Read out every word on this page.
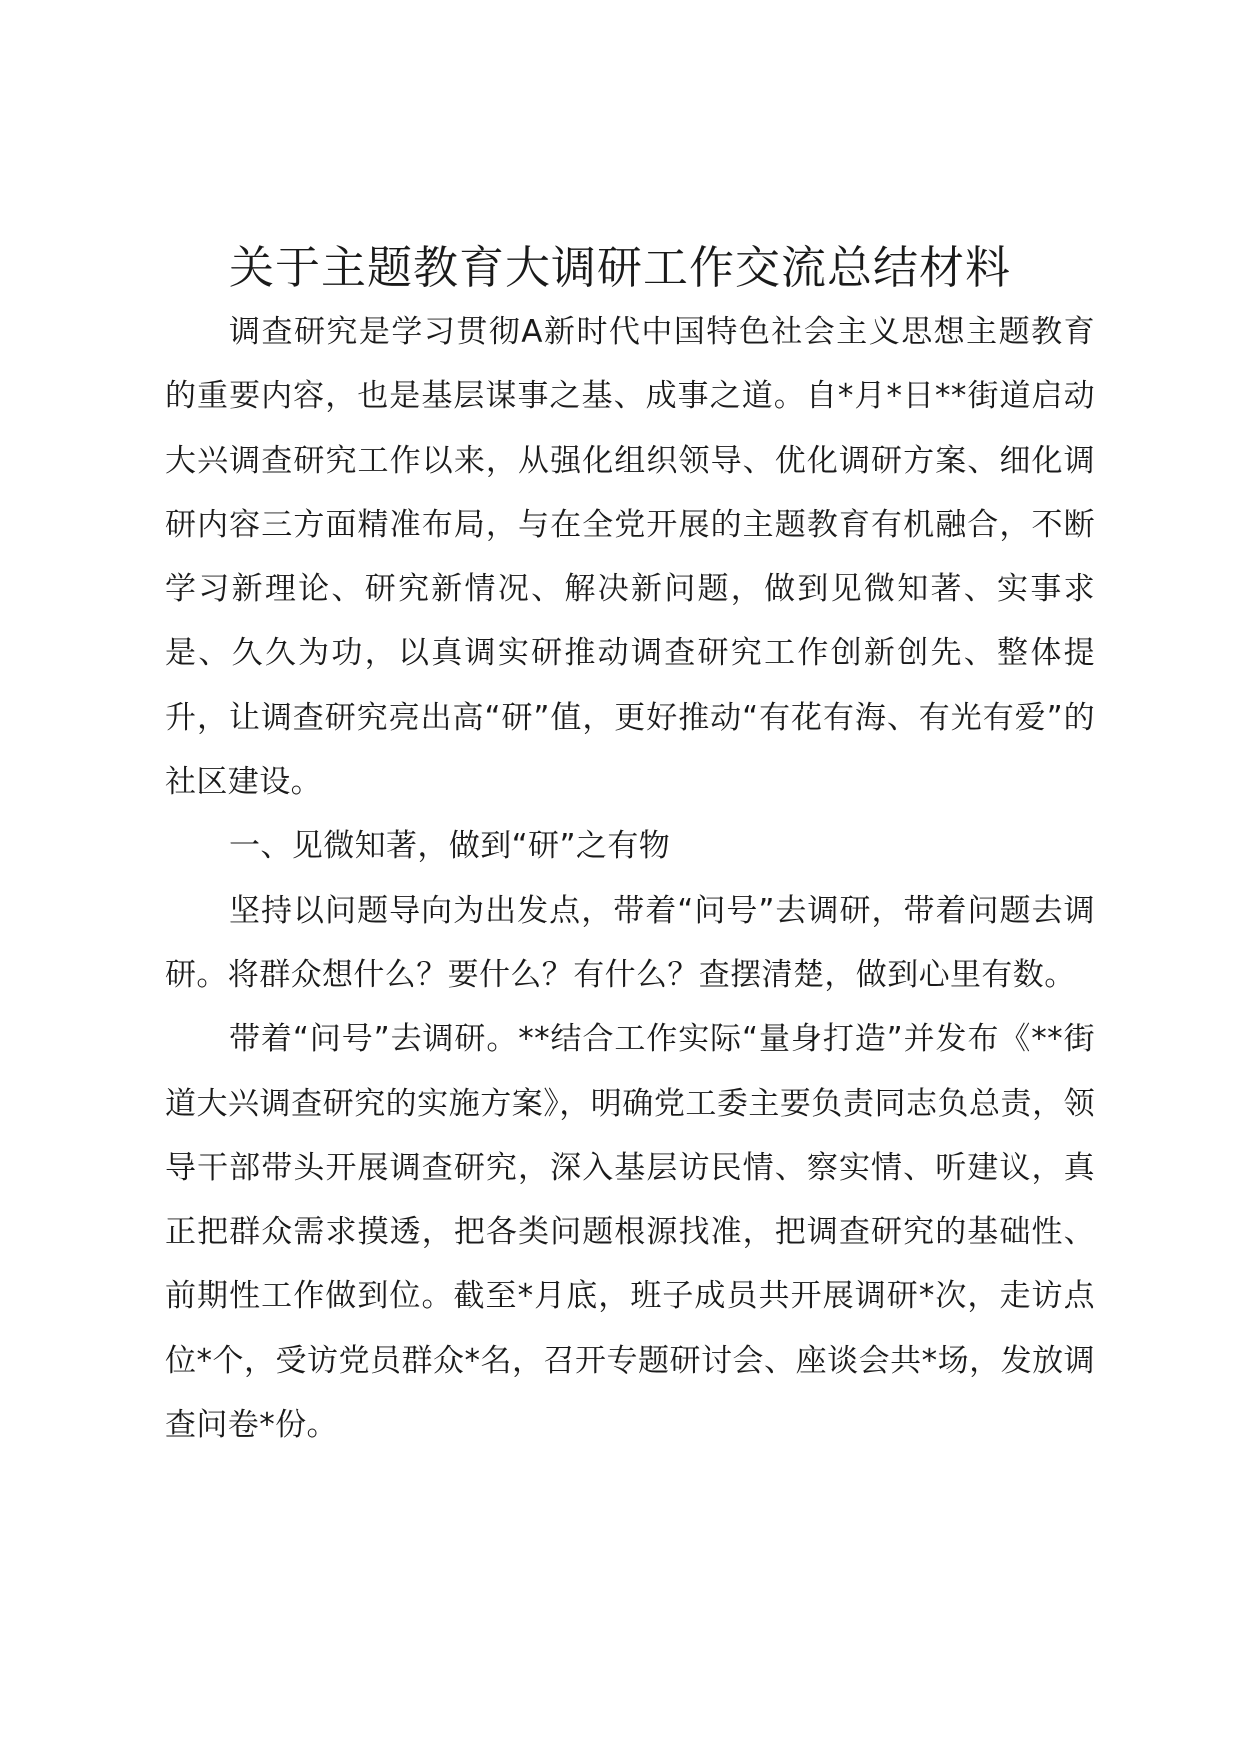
关于主题教育大调研工作交流总结材料

调查研究是学习贯彻A新时代中国特色社会主义思想主题教育的重要内容，也是基层谋事之基、成事之道。自*月*日**街道启动大兴调查研究工作以来，从强化组织领导、优化调研方案、细化调研内容三方面精准布局，与在全党开展的主题教育有机融合，不断学习新理论、研究新情况、解决新问题，做到见微知著、实事求是、久久为功，以真调实研推动调查研究工作创新创先、整体提升，让调查研究亮出高“研”值，更好推动“有花有海、有光有爱”的社区建设。

一、见微知著，做到“研”之有物

坚持以问题导向为出发点，带着“问号”去调研，带着问题去调研。将群众想什么？要什么？有什么？查摆清楚，做到心里有数。

带着“问号”去调研。**结合工作实际“量身打造”并发布《**街道大兴调查研究的实施方案》，明确党工委主要负责同志负总责，领导干部带头开展调查研究，深入基层访民情、察实情、听建议，真正把群众需求摸透，把各类问题根源找准，把调查研究的基础性、前期性工作做到位。截至*月底，班子成员共开展调研*次，走访点位*个，受访党员群众*名，召开专题研讨会、座谈会共*场，发放调查问卷*份。
